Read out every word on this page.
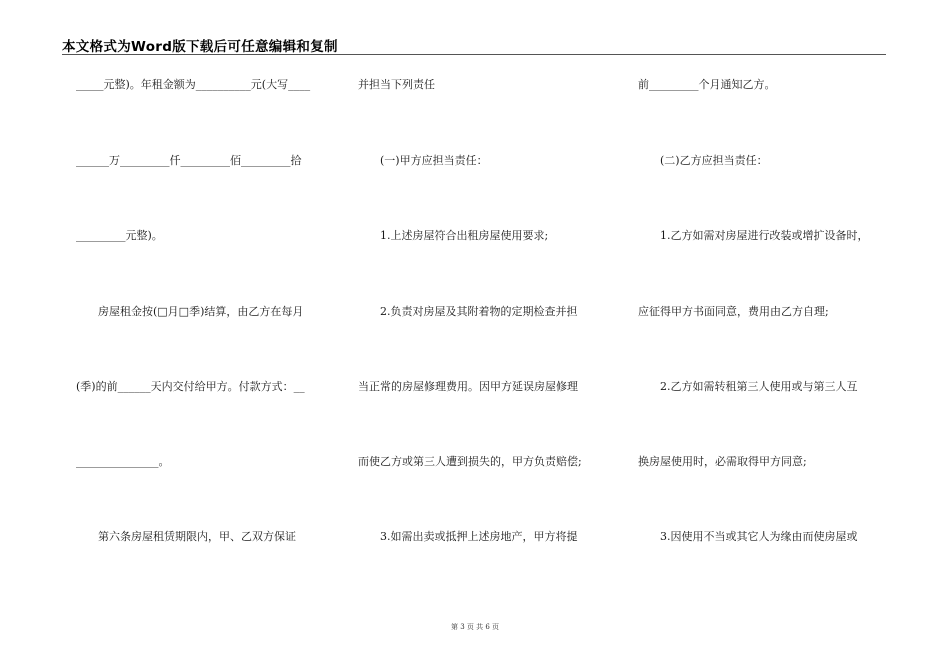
本文格式为Word版下载后可任意编辑和复制
_____元整)。年租金额为__________元(大写____
______万_________仟_________佰_________拾
_________元整)。
　　房屋租金按(□月□季)结算，由乙方在每月
(季)的前______天内交付给甲方。付款方式：__
_______________。
　　第六条房屋租赁期限内，甲、乙双方保证
并担当下列责任
　　(一)甲方应担当责任：
　　1.上述房屋符合出租房屋使用要求;
　　2.负责对房屋及其附着物的定期检查并担
当正常的房屋修理费用。因甲方延误房屋修理
而使乙方或第三人遭到损失的，甲方负责赔偿;
　　3.如需出卖或抵押上述房地产，甲方将提
前_________个月通知乙方。
　　(二)乙方应担当责任：
　　1.乙方如需对房屋进行改装或增扩设备时，
应征得甲方书面同意，费用由乙方自理;
　　2.乙方如需转租第三人使用或与第三人互
换房屋使用时，必需取得甲方同意;
　　3.因使用不当或其它人为缘由而使房屋或
第 3 页 共 6 页
